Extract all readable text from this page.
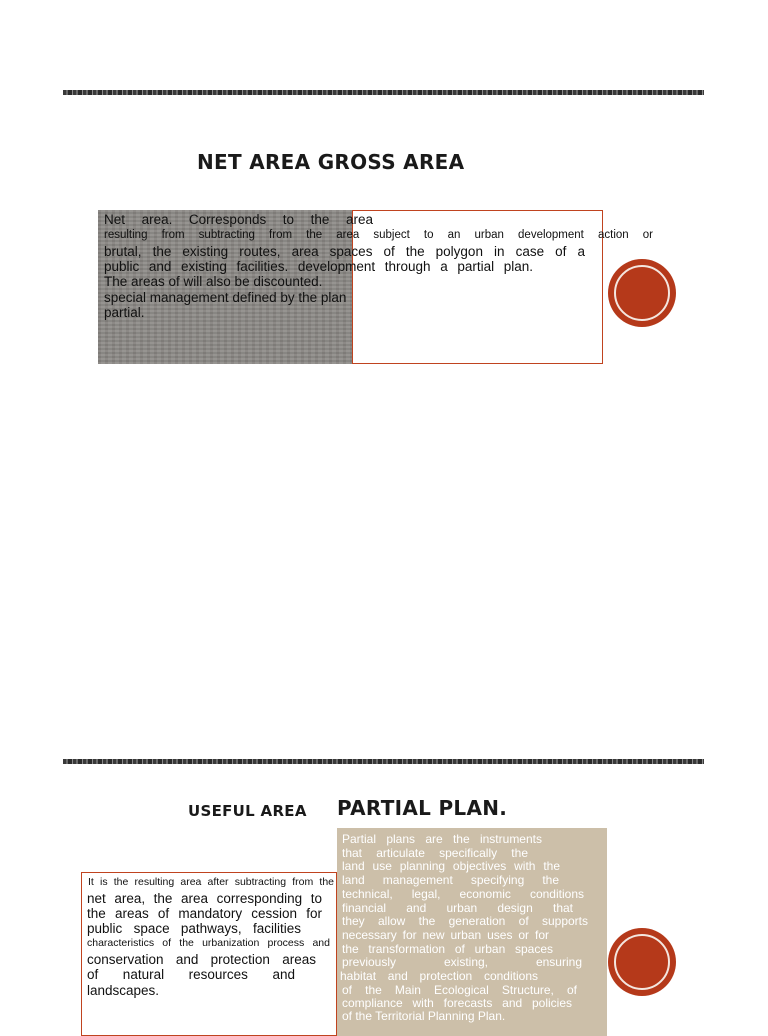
NET AREA GROSS AREA
Net area. Corresponds to the area
resulting from subtracting from the area subject to an urban development action or
brutal, the existing routes, area spaces of the polygon in case of a
public and existing facilities. development through a partial plan.
The areas of will also be discounted.
special management defined by the plan
partial.
USEFUL AREA PARTIAL PLAN.
It is the resulting area after subtracting from the
net area, the area corresponding to
the areas of mandatory cession for
public space pathways, facilities
characteristics of the urbanization process and
conservation and protection areas
of natural resources and
landscapes.
Partial plans are the instruments
that articulate specifically the
land use planning objectives with the
land management specifying the
technical, legal, economic conditions
financial and urban design that
they allow the generation of supports
necessary for new urban uses or for
the transformation of urban spaces
previously existing, ensuring
habitat and protection conditions
of the Main Ecological Structure, of
compliance with forecasts and policies
of the Territorial Planning Plan.
